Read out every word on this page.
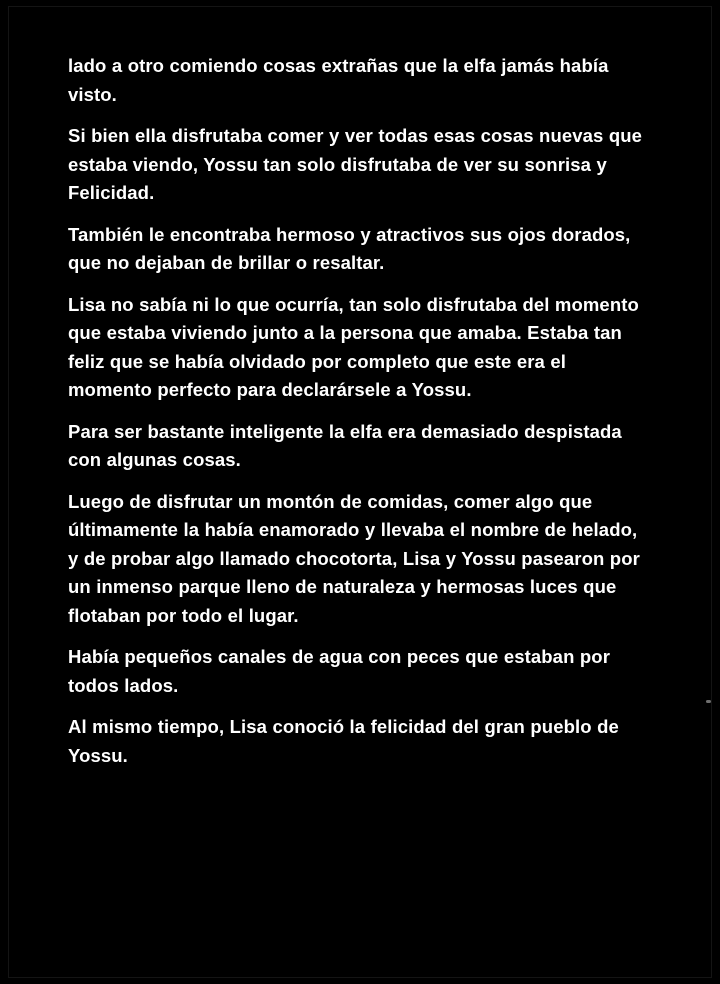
lado a otro comiendo cosas extrañas que la elfa jamás había visto.

Si bien ella disfrutaba comer y ver todas esas cosas nuevas que estaba viendo, Yossu tan solo disfrutaba de ver su sonrisa y Felicidad.

También le encontraba hermoso y atractivos sus ojos dorados, que no dejaban de brillar o resaltar.

Lisa no sabía ni lo que ocurría, tan solo disfrutaba del momento que estaba viviendo junto a la persona que amaba. Estaba tan feliz que se había olvidado por completo que este era el momento perfecto para declarársele a Yossu.

Para ser bastante inteligente la elfa era demasiado despistada con algunas cosas.

Luego de disfrutar un montón de comidas, comer algo que últimamente la había enamorado y llevaba el nombre de helado, y de probar algo llamado chocotorta, Lisa y Yossu pasearon por un inmenso parque lleno de naturaleza y hermosas luces que flotaban por todo el lugar.

Había pequeños canales de agua con peces que estaban por todos lados.

Al mismo tiempo, Lisa conoció la felicidad del gran pueblo de Yossu.
